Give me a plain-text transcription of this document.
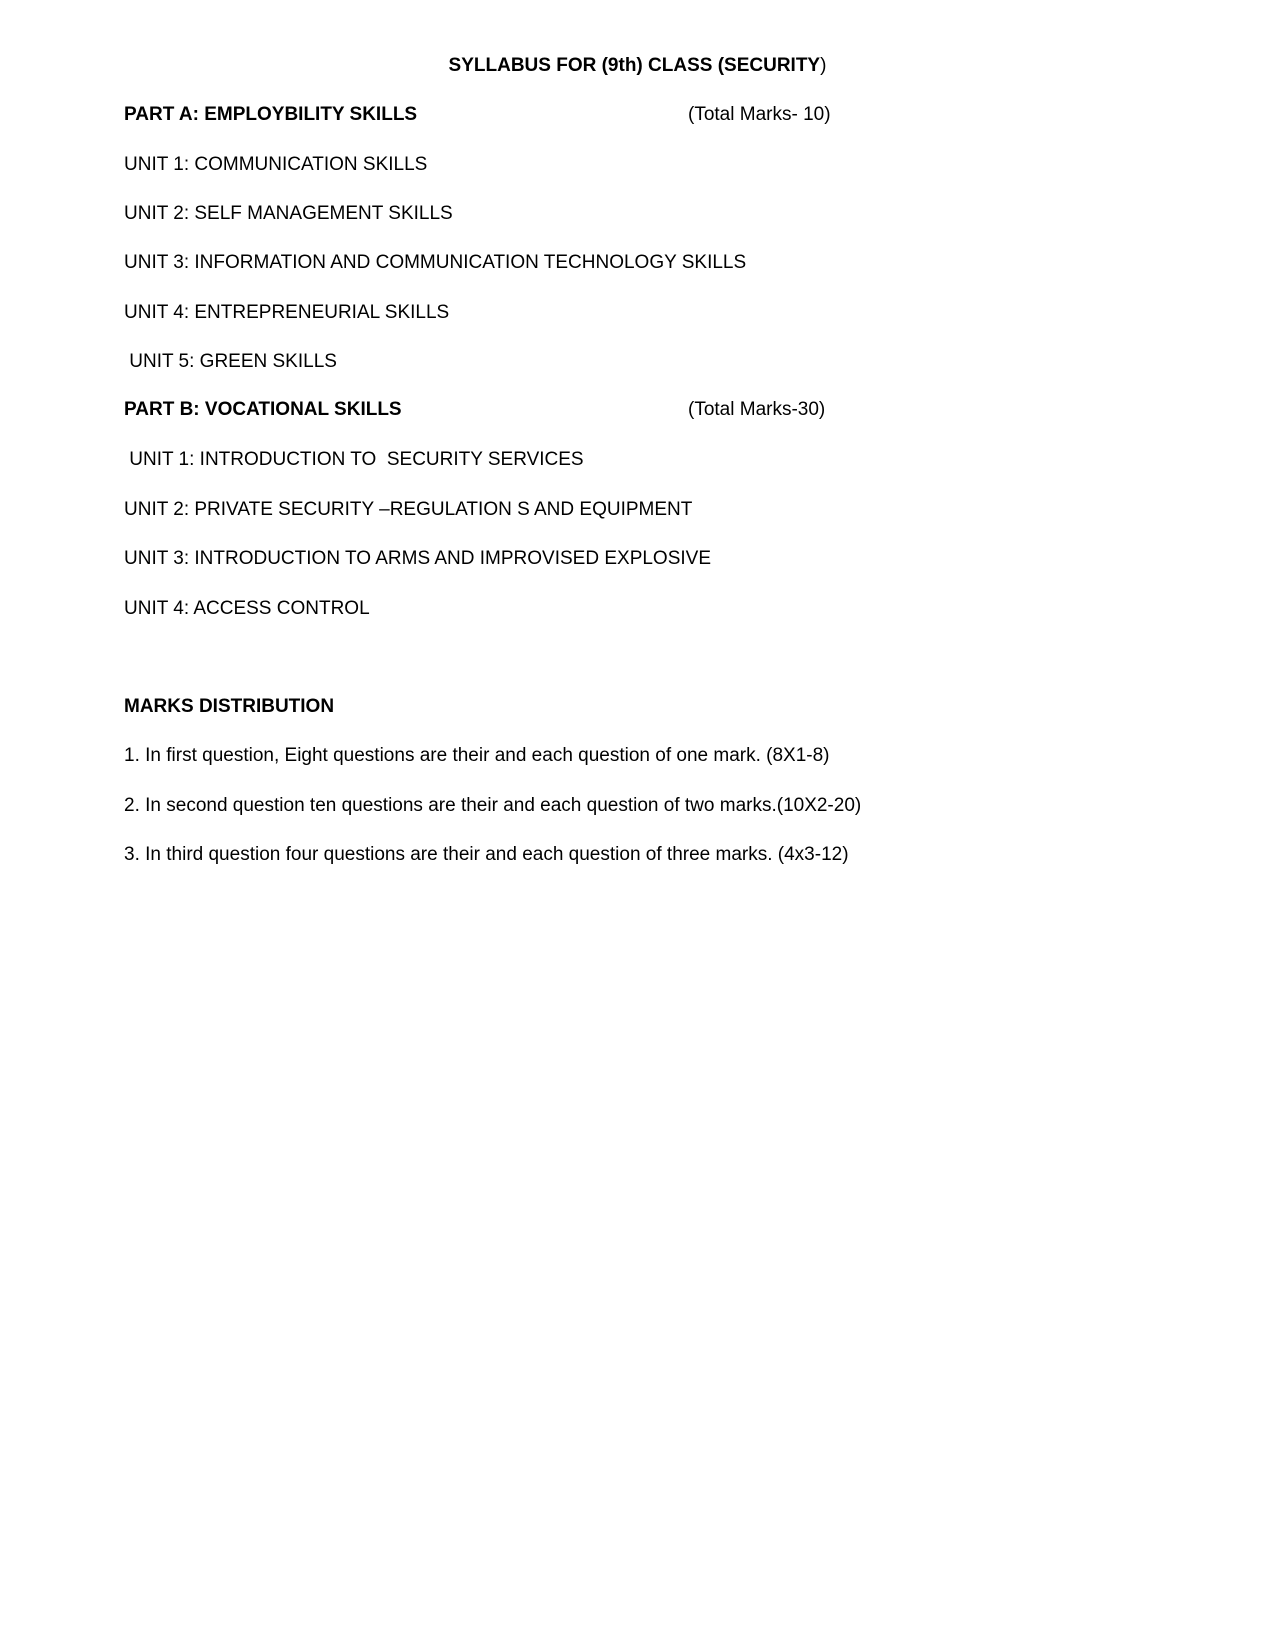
SYLLABUS FOR (9th) CLASS (SECURITY)
PART A: EMPLOYBILITY SKILLS	(Total Marks- 10)
UNIT 1: COMMUNICATION SKILLS
UNIT 2: SELF MANAGEMENT SKILLS
UNIT 3: INFORMATION AND COMMUNICATION TECHNOLOGY SKILLS
UNIT 4: ENTREPRENEURIAL SKILLS
UNIT 5: GREEN SKILLS
PART B: VOCATIONAL SKILLS	(Total Marks-30)
UNIT 1: INTRODUCTION TO  SECURITY SERVICES
UNIT 2: PRIVATE SECURITY –REGULATION S AND EQUIPMENT
UNIT 3: INTRODUCTION TO ARMS AND IMPROVISED EXPLOSIVE
UNIT 4: ACCESS CONTROL
MARKS DISTRIBUTION
1. In first question, Eight questions are their and each question of one mark. (8X1-8)
2. In second question ten questions are their and each question of two marks.(10X2-20)
3. In third question four questions are their and each question of three marks. (4x3-12)
